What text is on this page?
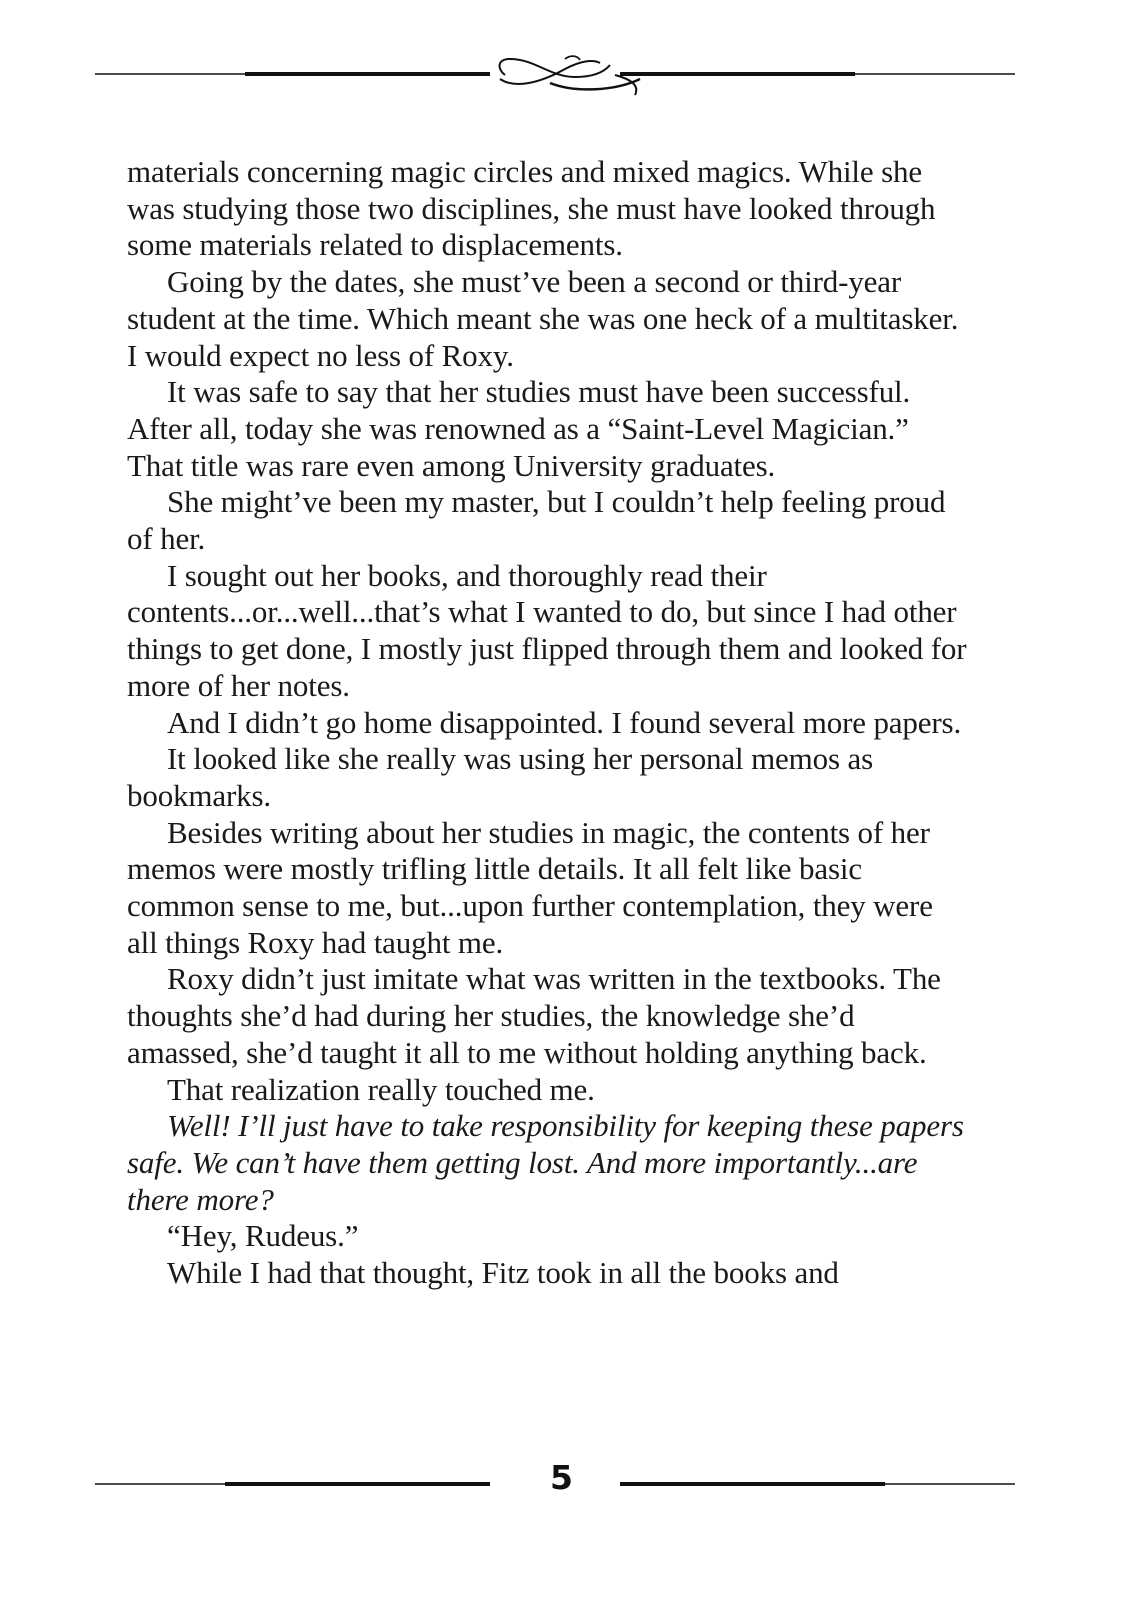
materials concerning magic circles and mixed magics. While she was studying those two disciplines, she must have looked through some materials related to displacements.

Going by the dates, she must’ve been a second or third-year student at the time. Which meant she was one heck of a multitasker. I would expect no less of Roxy.

It was safe to say that her studies must have been successful. After all, today she was renowned as a “Saint-Level Magician.” That title was rare even among University graduates.

She might’ve been my master, but I couldn’t help feeling proud of her.

I sought out her books, and thoroughly read their contents...or...well...that’s what I wanted to do, but since I had other things to get done, I mostly just flipped through them and looked for more of her notes.

And I didn’t go home disappointed. I found several more papers.

It looked like she really was using her personal memos as bookmarks.

Besides writing about her studies in magic, the contents of her memos were mostly trifling little details. It all felt like basic common sense to me, but...upon further contemplation, they were all things Roxy had taught me.

Roxy didn’t just imitate what was written in the textbooks. The thoughts she’d had during her studies, the knowledge she’d amassed, she’d taught it all to me without holding anything back.

That realization really touched me.

Well! I’ll just have to take responsibility for keeping these papers safe. We can’t have them getting lost. And more importantly...are there more?

“Hey, Rudeus.”

While I had that thought, Fitz took in all the books and

5
